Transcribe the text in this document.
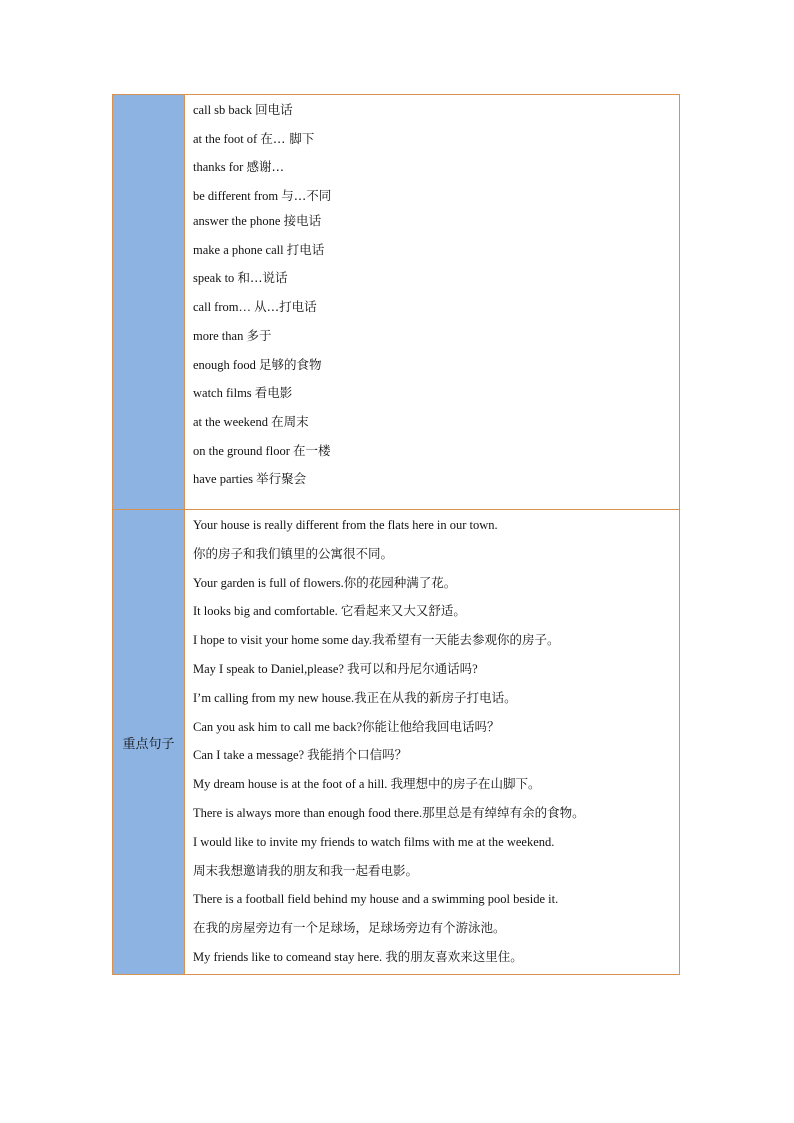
call sb back 回电话
at the foot of 在… 脚下
thanks for 感谢…
be different from 与…不同
answer the phone 接电话
make a phone call 打电话
speak to 和…说话
call from… 从…打电话
more than 多于
enough food 足够的食物
watch films 看电影
at the weekend 在周末
on the ground floor 在一楼
have parties 举行聚会
重点句子
Your house is really different from the flats here in our town.
你的房子和我们镇里的公寓很不同。
Your garden is full of flowers.你的花园种满了花。
It looks big and comfortable. 它看起来又大又舒适。
I hope to visit your home some day.我希望有一天能去参观你的房子。
May I speak to Daniel,please? 我可以和丹尼尔通话吗?
I’m calling from my new house.我正在从我的新房子打电话。
Can you ask him to call me back?你能让他给我回电话吗？
Can I take a message? 我能捎个口信吗？
My dream house is at the foot of a hill. 我理想中的房子在山脚下。
There is always more than enough food there.那里总是有绰绰有余的食物。
I would like to invite my friends to watch films with me at the weekend.
周末我想邀请我的朋友和我一起看电影。
There is a football field behind my house and a swimming pool beside it.
在我的房屋旁边有一个足球场，足球场旁边有个游泳池。
My friends like to comeand stay here. 我的朋友喜欢来这里住。
